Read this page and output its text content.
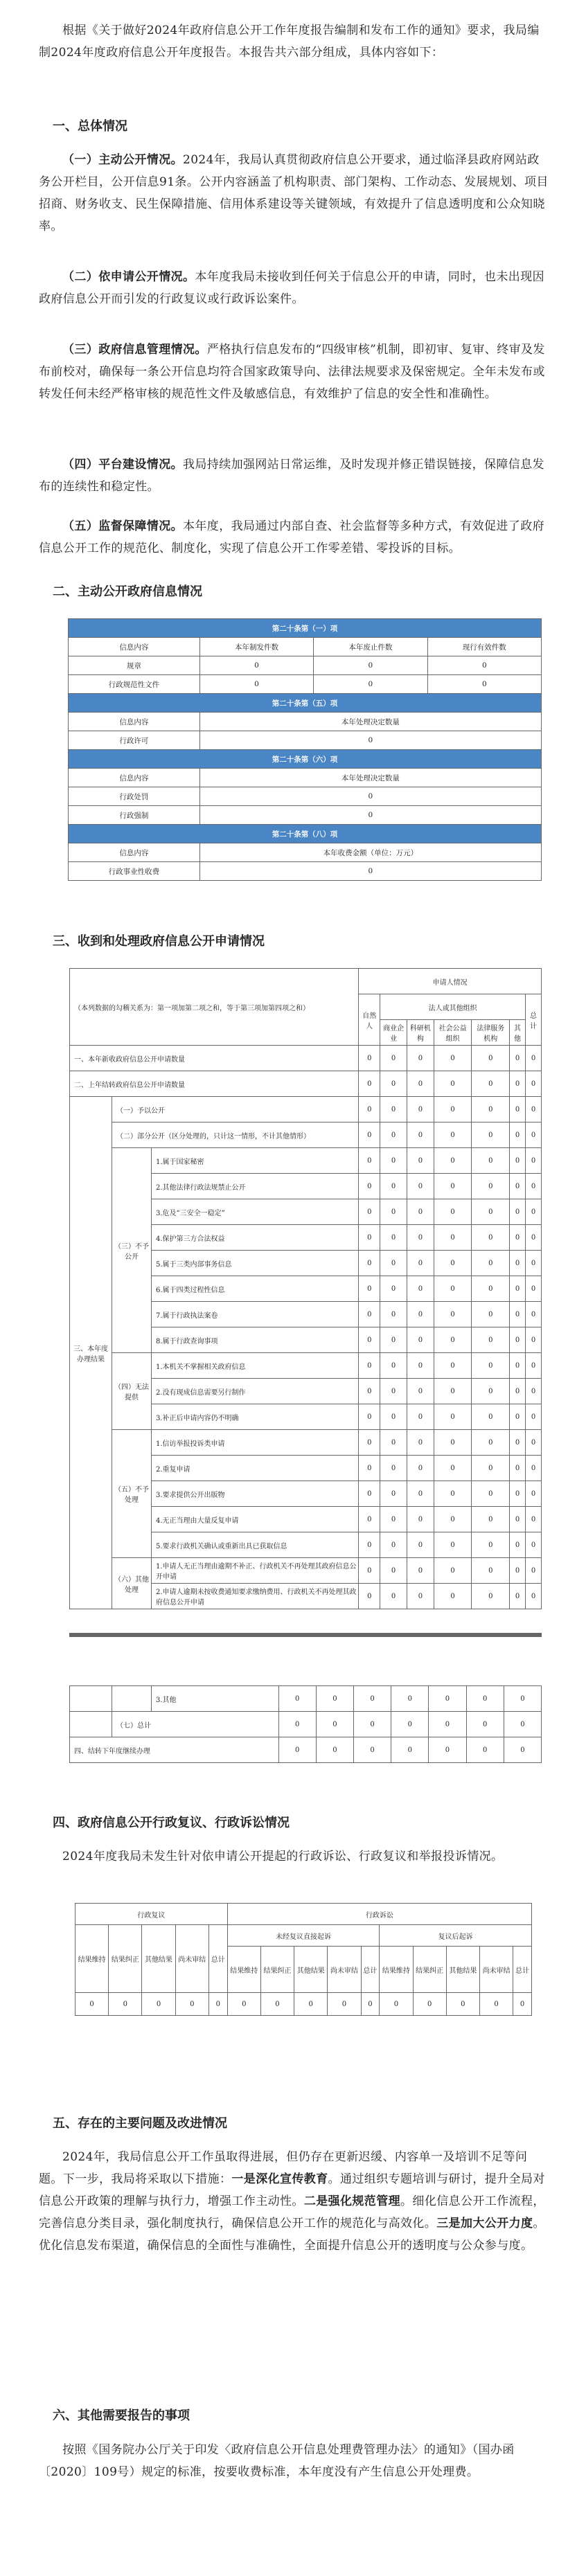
根据《关于做好2024年政府信息公开工作年度报告编制和发布工作的通知》要求，我局编制2024年度政府信息公开年度报告。本报告共六部分组成，具体内容如下：

一、总体情况

（一）主动公开情况。2024年，我局认真贯彻政府信息公开要求，通过临泽县政府网站政务公开栏目，公开信息91条。公开内容涵盖了机构职责、部门架构、工作动态、发展规划、项目招商、财务收支、民生保障措施、信用体系建设等关键领域，有效提升了信息透明度和公众知晓率。

（二）依申请公开情况。本年度我局未接收到任何关于信息公开的申请，同时，也未出现因政府信息公开而引发的行政复议或行政诉讼案件。

（三）政府信息管理情况。严格执行信息发布的“四级审核”机制，即初审、复审、终审及发布前校对，确保每一条公开信息均符合国家政策导向、法律法规要求及保密规定。全年未发布或转发任何未经严格审核的规范性文件及敏感信息，有效维护了信息的安全性和准确性。

（四）平台建设情况。我局持续加强网站日常运维，及时发现并修正错误链接，保障信息发布的连续性和稳定性。

（五）监督保障情况。本年度，我局通过内部自查、社会监督等多种方式，有效促进了政府信息公开工作的规范化、制度化，实现了信息公开工作零差错、零投诉的目标。

二、主动公开政府信息情况

第二十条第（一）项			
信息内容	本年制发件数	本年废止件数	现行有效件数
规章	0	0	0
行政规范性文件	0	0	0
第二十条第（五）项			
信息内容	本年处理决定数量		
行政许可	0		
第二十条第（六）项			
信息内容	本年处理决定数量		
行政处罚	0		
行政强制	0		
第二十条第（八）项			
信息内容	本年收费金额（单位：万元）		
行政事业性收费	0		

三、收到和处理政府信息公开申请情况

（本列数据的勾稽关系为：第一项加第二项之和，等于第三项加第四项之和）			申请人情况						
			自然人	法人或其他组织					总计
				商业企业	科研机构	社会公益组织	法律服务机构	其他	
一、本年新收政府信息公开申请数量			0	0	0	0	0	0	0
二、上年结转政府信息公开申请数量			0	0	0	0	0	0	0
三、本年度办理结果	（一）予以公开		0	0	0	0	0	0	0
	（二）部分公开（区分处理的，只计这一情形，不计其他情形）		0	0	0	0	0	0	0
	（三）不予公开	1.属于国家秘密	0	0	0	0	0	0	0
		2.其他法律行政法规禁止公开	0	0	0	0	0	0	0
		3.危及“三安全一稳定”	0	0	0	0	0	0	0
		4.保护第三方合法权益	0	0	0	0	0	0	0
		5.属于三类内部事务信息	0	0	0	0	0	0	0
		6.属于四类过程性信息	0	0	0	0	0	0	0
		7.属于行政执法案卷	0	0	0	0	0	0	0
		8.属于行政查询事项	0	0	0	0	0	0	0
	（四）无法提供	1.本机关不掌握相关政府信息	0	0	0	0	0	0	0
		2.没有现成信息需要另行制作	0	0	0	0	0	0	0
		3.补正后申请内容仍不明确	0	0	0	0	0	0	0
	（五）不予处理	1.信访举报投诉类申请	0	0	0	0	0	0	0
		2.重复申请	0	0	0	0	0	0	0
		3.要求提供公开出版物	0	0	0	0	0	0	0
		4.无正当理由大量反复申请	0	0	0	0	0	0	0
		5.要求行政机关确认或重新出具已获取信息	0	0	0	0	0	0	0
	（六）其他处理	1.申请人无正当理由逾期不补正、行政机关不再处理其政府信息公开申请	0	0	0	0	0	0	0
		2.申请人逾期未按收费通知要求缴纳费用、行政机关不再处理其政府信息公开申请	0	0	0	0	0	0	0
		3.其他	0	0	0	0	0	0	0
	（七）总计		0	0	0	0	0	0	0
四、结转下年度继续办理			0	0	0	0	0	0	0

四、政府信息公开行政复议、行政诉讼情况

2024年度我局未发生针对依申请公开提起的行政诉讼、行政复议和举报投诉情况。

行政复议					行政诉讼									
结果维持	结果纠正	其他结果	尚未审结	总计	未经复议直接起诉					复议后起诉				
					结果维持	结果纠正	其他结果	尚未审结	总计	结果维持	结果纠正	其他结果	尚未审结	总计
0	0	0	0	0	0	0	0	0	0	0	0	0	0	0

五、存在的主要问题及改进情况

2024年，我局信息公开工作虽取得进展，但仍存在更新迟缓、内容单一及培训不足等问题。下一步，我局将采取以下措施：一是深化宣传教育。通过组织专题培训与研讨，提升全局对信息公开政策的理解与执行力，增强工作主动性。二是强化规范管理。细化信息公开工作流程，完善信息分类目录，强化制度执行，确保信息公开工作的规范化与高效化。三是加大公开力度。优化信息发布渠道，确保信息的全面性与准确性，全面提升信息公开的透明度与公众参与度。

六、其他需要报告的事项

按照《国务院办公厅关于印发〈政府信息公开信息处理费管理办法〉的通知》（国办函〔2020〕109号）规定的标准，按要收费标准，本年度没有产生信息公开处理费。
